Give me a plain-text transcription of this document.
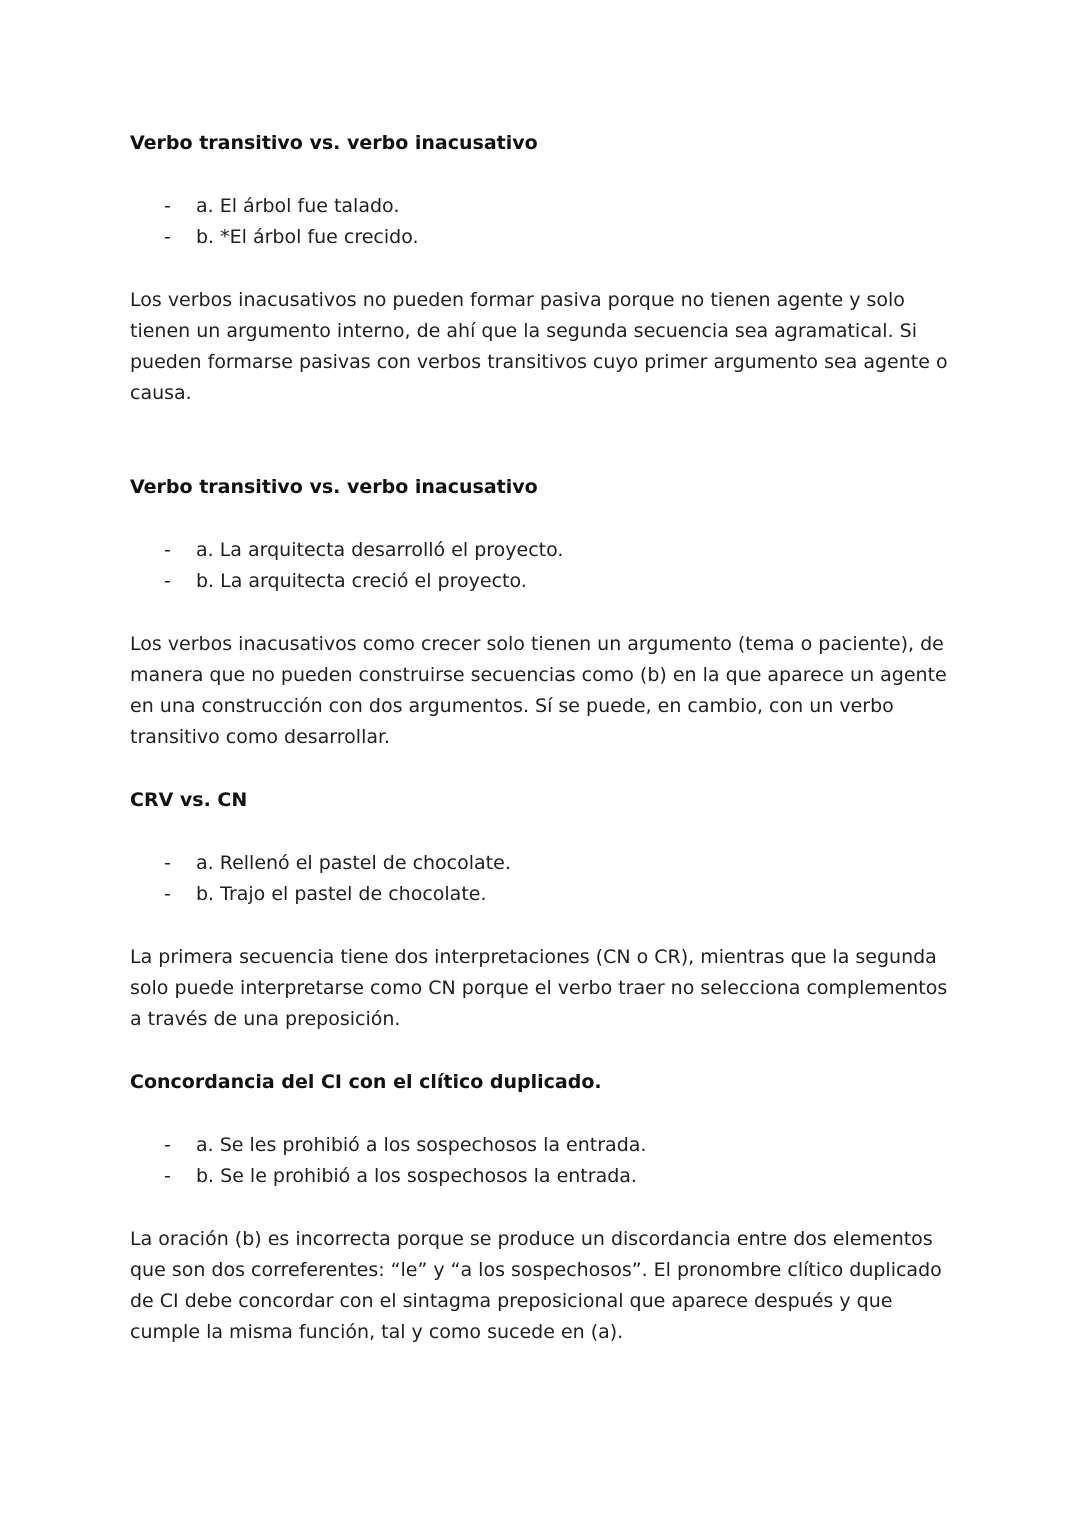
Verbo transitivo vs. verbo inacusativo

- a. El árbol fue talado.
- b. *El árbol fue crecido.

Los verbos inacusativos no pueden formar pasiva porque no tienen agente y solo tienen un argumento interno, de ahí que la segunda secuencia sea agramatical. Si pueden formarse pasivas con verbos transitivos cuyo primer argumento sea agente o causa.

Verbo transitivo vs. verbo inacusativo

- a. La arquitecta desarrolló el proyecto.
- b. La arquitecta creció el proyecto.

Los verbos inacusativos como crecer solo tienen un argumento (tema o paciente), de manera que no pueden construirse secuencias como (b) en la que aparece un agente en una construcción con dos argumentos. Sí se puede, en cambio, con un verbo transitivo como desarrollar.

CRV vs. CN

- a. Rellenó el pastel de chocolate.
- b. Trajo el pastel de chocolate.

La primera secuencia tiene dos interpretaciones (CN o CR), mientras que la segunda solo puede interpretarse como CN porque el verbo traer no selecciona complementos a través de una preposición.

Concordancia del CI con el clítico duplicado.

- a. Se les prohibió a los sospechosos la entrada.
- b. Se le prohibió a los sospechosos la entrada.

La oración (b) es incorrecta porque se produce un discordancia entre dos elementos que son dos correferentes: “le” y “a los sospechosos”. El pronombre clítico duplicado de CI debe concordar con el sintagma preposicional que aparece después y que cumple la misma función, tal y como sucede en (a).
